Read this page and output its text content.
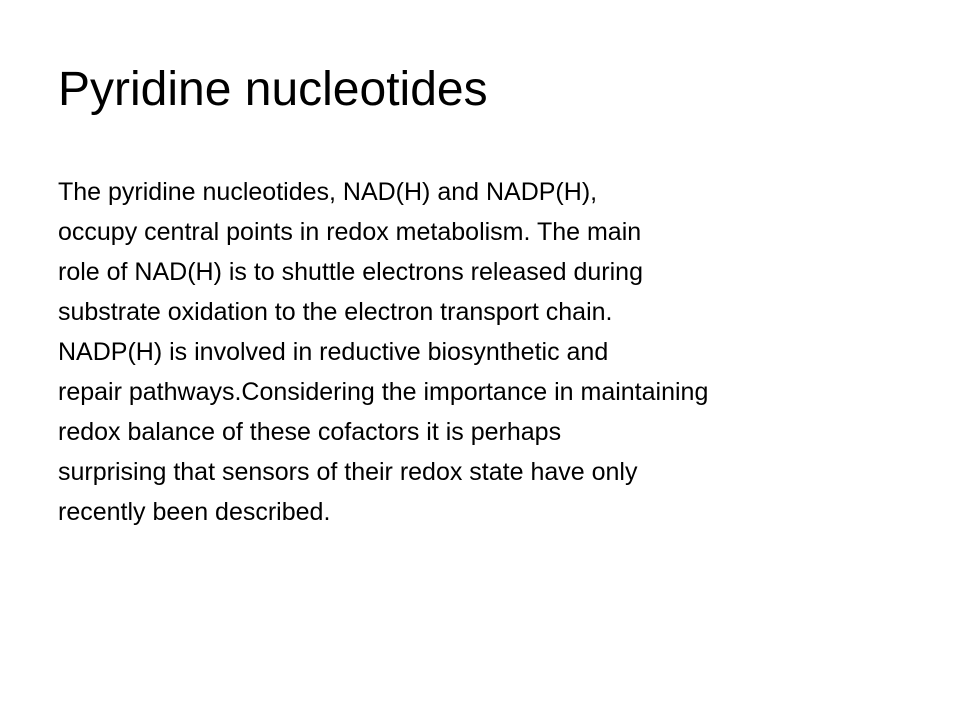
Pyridine nucleotides
The pyridine nucleotides, NAD(H) and NADP(H),
occupy central points in redox metabolism. The main
role of NAD(H) is to shuttle electrons released during
substrate oxidation to the electron transport chain.
NADP(H) is involved in reductive biosynthetic and
repair pathways.Considering the importance in maintaining
redox balance of these cofactors it is perhaps
surprising that sensors of their redox state have only
recently been described.
